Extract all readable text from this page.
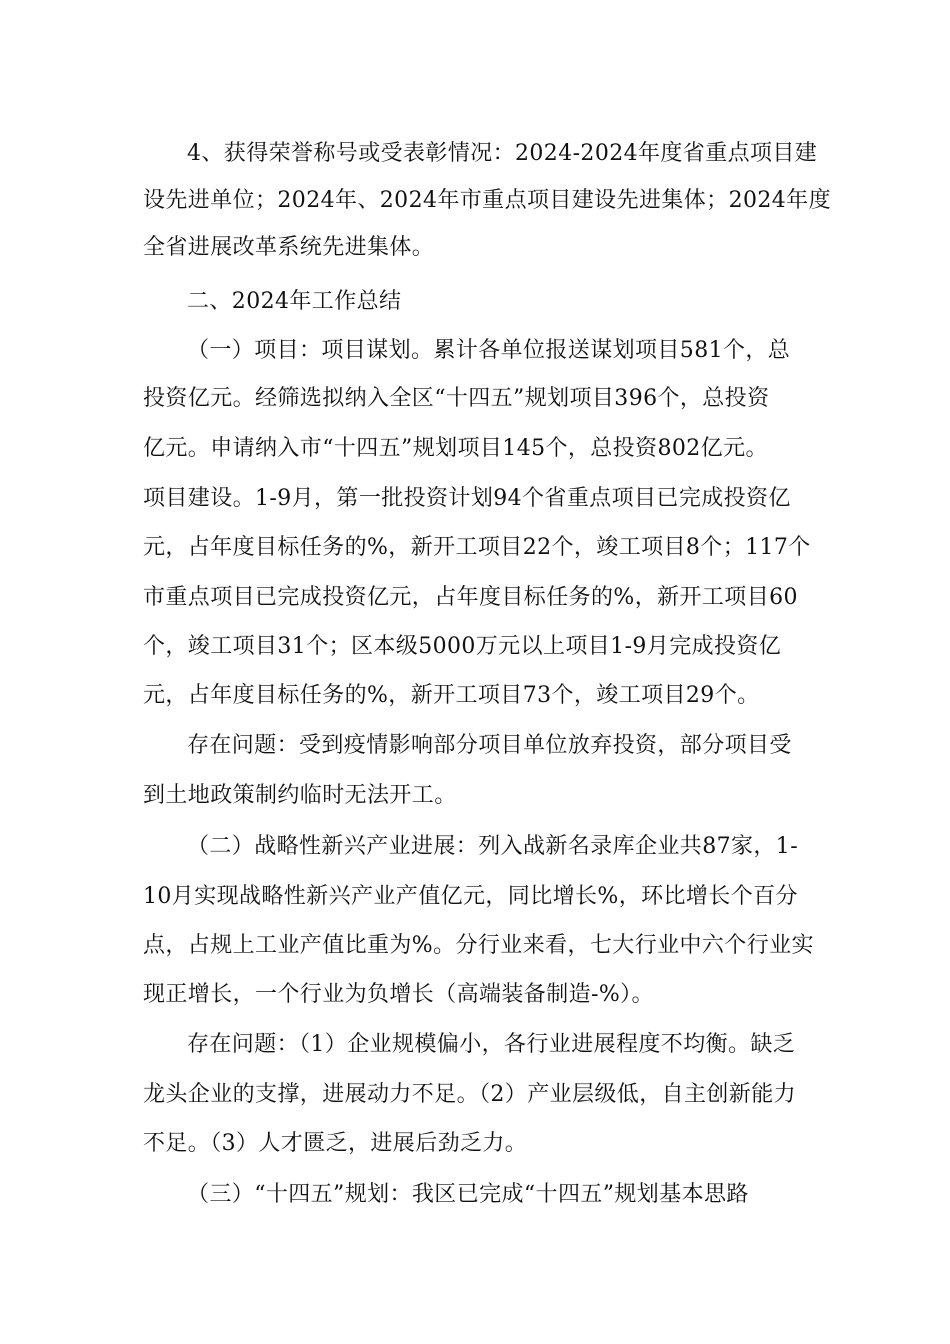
4、获得荣誉称号或受表彰情况：2024-2024年度省重点项目建
设先进单位；2024年、2024年市重点项目建设先进集体；2024年度
全省进展改革系统先进集体。
二、2024年工作总结
（一）项目：项目谋划。累计各单位报送谋划项目581个，总
投资亿元。经筛选拟纳入全区“十四五”规划项目396个，总投资
亿元。申请纳入市“十四五”规划项目145个，总投资802亿元。
项目建设。1-9月，第一批投资计划94个省重点项目已完成投资亿
元，占年度目标任务的%，新开工项目22个，竣工项目8个；117个
市重点项目已完成投资亿元，占年度目标任务的%，新开工项目60
个，竣工项目31个；区本级5000万元以上项目1-9月完成投资亿
元，占年度目标任务的%，新开工项目73个，竣工项目29个。
存在问题：受到疫情影响部分项目单位放弃投资，部分项目受
到土地政策制约临时无法开工。
（二）战略性新兴产业进展：列入战新名录库企业共87家，1-
10月实现战略性新兴产业产值亿元，同比增长%，环比增长个百分
点，占规上工业产值比重为%。分行业来看，七大行业中六个行业实
现正增长，一个行业为负增长（高端装备制造-%）。
存在问题：（1）企业规模偏小，各行业进展程度不均衡。缺乏
龙头企业的支撑，进展动力不足。（2）产业层级低，自主创新能力
不足。（3）人才匮乏，进展后劲乏力。
（三）“十四五”规划：我区已完成“十四五”规划基本思路
